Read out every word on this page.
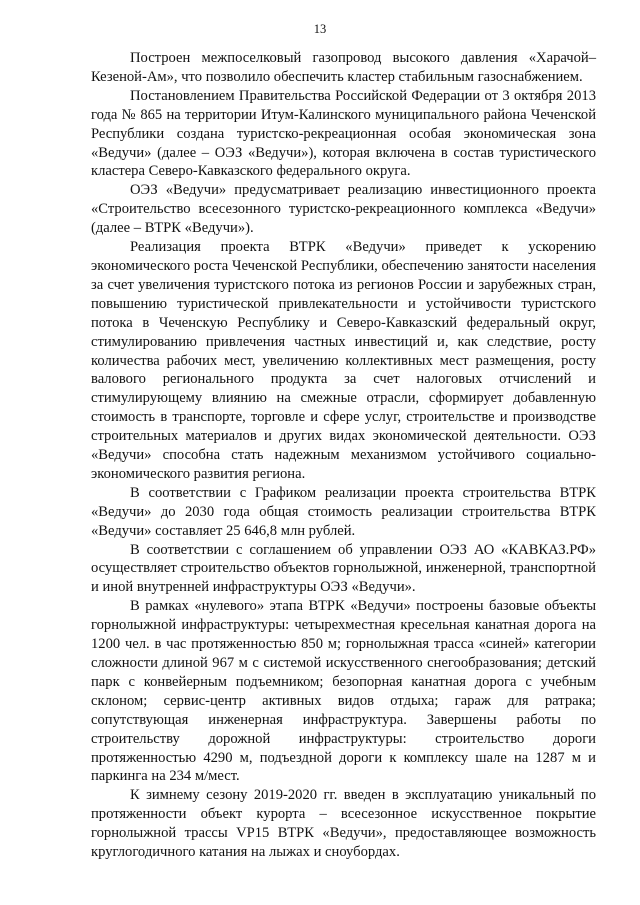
13

Построен межпоселковый газопровод высокого давления «Харачой–Кезеной-Ам», что позволило обеспечить кластер стабильным газоснабжением.

Постановлением Правительства Российской Федерации от 3 октября 2013 года № 865 на территории Итум-Калинского муниципального района Чеченской Республики создана туристско-рекреационная особая экономическая зона «Ведучи» (далее – ОЭЗ «Ведучи»), которая включена в состав туристического кластера Северо-Кавказского федерального округа.

ОЭЗ «Ведучи» предусматривает реализацию инвестиционного проекта «Строительство всесезонного туристско-рекреационного комплекса «Ведучи» (далее – ВТРК «Ведучи»).

Реализация проекта ВТРК «Ведучи» приведет к ускорению экономического роста Чеченской Республики, обеспечению занятости населения за счет увеличения туристского потока из регионов России и зарубежных стран, повышению туристической привлекательности и устойчивости туристского потока в Чеченскую Республику и Северо-Кавказский федеральный округ, стимулированию привлечения частных инвестиций и, как следствие, росту количества рабочих мест, увеличению коллективных мест размещения, росту валового регионального продукта за счет налоговых отчислений и стимулирующему влиянию на смежные отрасли, сформирует добавленную стоимость в транспорте, торговле и сфере услуг, строительстве и производстве строительных материалов и других видах экономической деятельности. ОЭЗ «Ведучи» способна стать надежным механизмом устойчивого социально-экономического развития региона.

В соответствии с Графиком реализации проекта строительства ВТРК «Ведучи» до 2030 года общая стоимость реализации строительства ВТРК «Ведучи» составляет 25 646,8 млн рублей.

В соответствии с соглашением об управлении ОЭЗ АО «КАВКАЗ.РФ» осуществляет строительство объектов горнолыжной, инженерной, транспортной и иной внутренней инфраструктуры ОЭЗ «Ведучи».

В рамках «нулевого» этапа ВТРК «Ведучи» построены базовые объекты горнолыжной инфраструктуры: четырехместная кресельная канатная дорога на 1200 чел. в час протяженностью 850 м; горнолыжная трасса «синей» категории сложности длиной 967 м с системой искусственного снегообразования; детский парк с конвейерным подъемником; безопорная канатная дорога с учебным склоном; сервис-центр активных видов отдыха; гараж для ратрака; сопутствующая инженерная инфраструктура. Завершены работы по строительству дорожной инфраструктуры: строительство дороги протяженностью 4290 м, подъездной дороги к комплексу шале на 1287 м и паркинга на 234 м/мест.

К зимнему сезону 2019-2020 гг. введен в эксплуатацию уникальный по протяженности объект курорта – всесезонное искусственное покрытие горнолыжной трассы VP15 ВТРК «Ведучи», предоставляющее возможность круглогодичного катания на лыжах и сноубордах.
